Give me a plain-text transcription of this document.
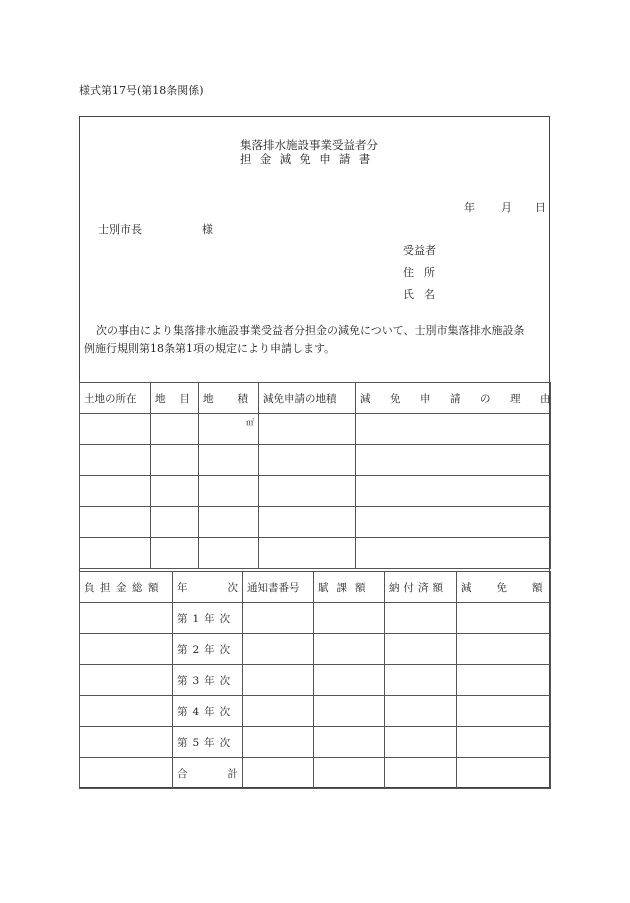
様式第17号(第18条関係)
集落排水施設事業受益者分
担金減免申請書
年 月 日
士別市長	様
受益者
住所
氏名
次の事由により集落排水施設事業受益者分担金の減免について、士別市集落排水施設条
例施行規則第18条第1項の規定により申請します。
土地の所在	地目	地積	減免申請の地積	減免申請の理由
		㎡		

負担金総額	年 次	通知書番号	賦課額	納付済額	減免額
	第1年次				
	第2年次				
	第3年次				
	第4年次				
	第5年次				

	合 計				
